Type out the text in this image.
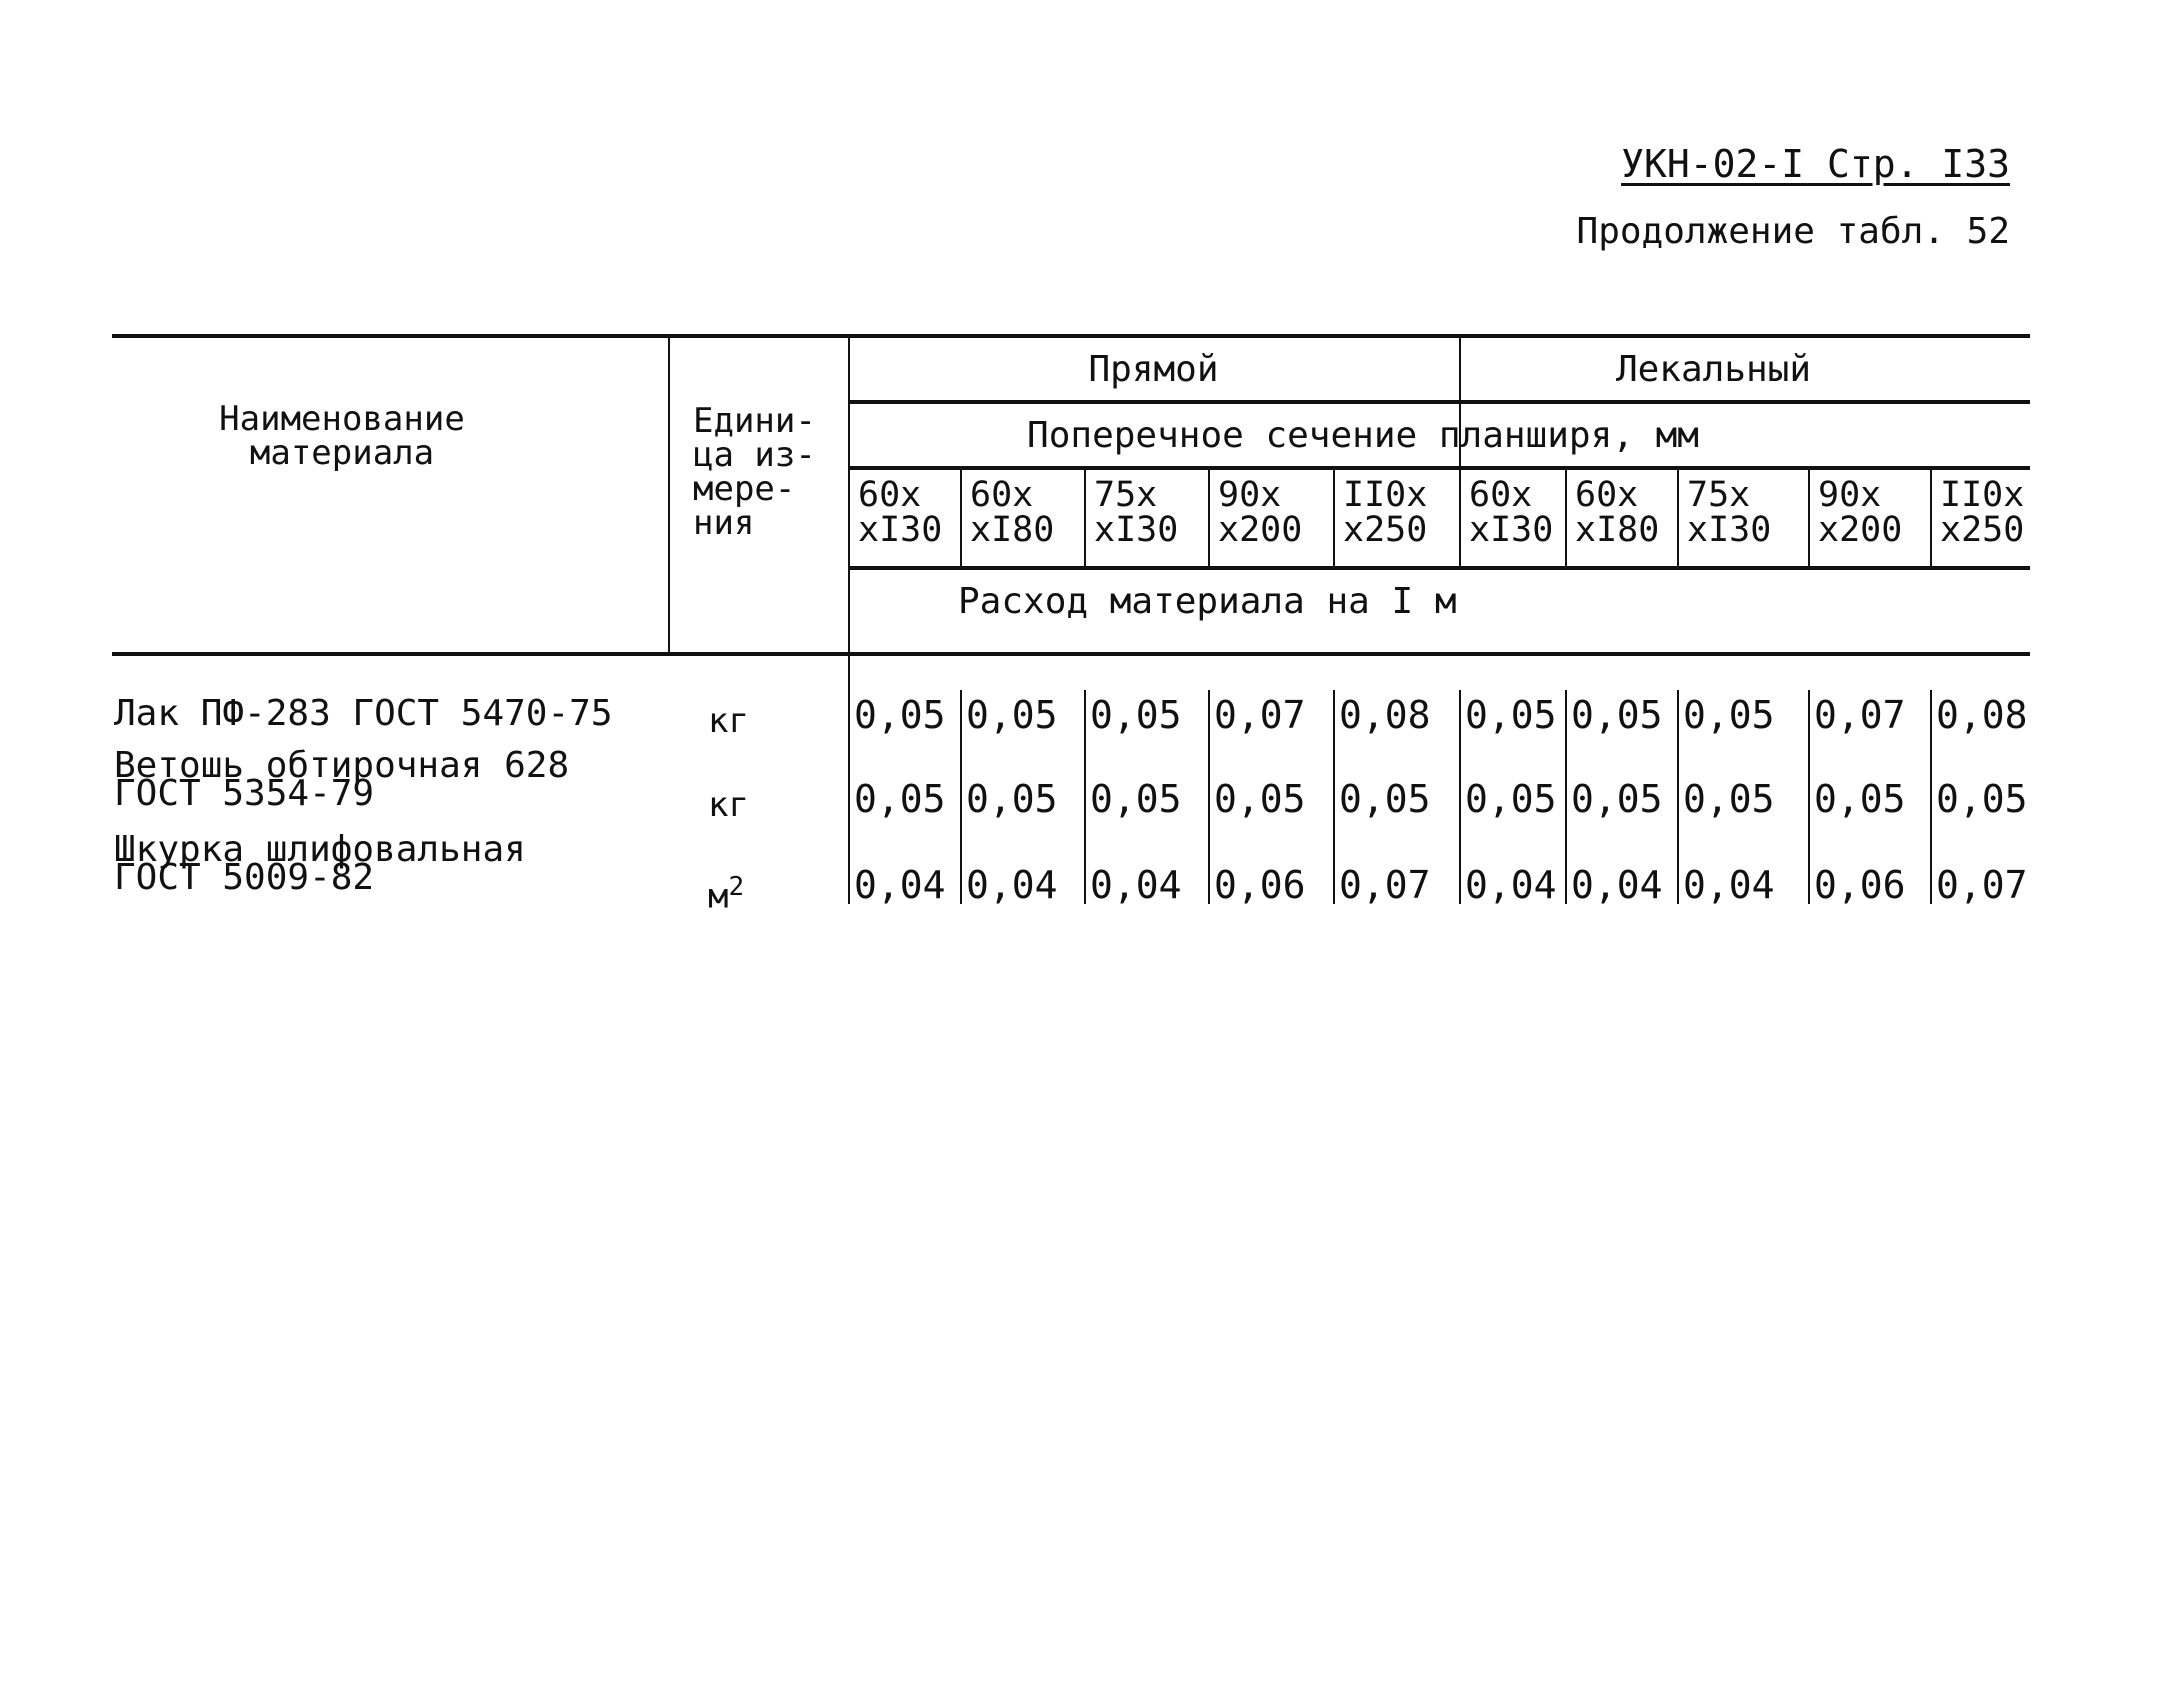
УКН-02-I Стр. I33
Продолжение табл. 52
Наименование
материала
Едини-
ца из-
мере-
ния
Прямой	Лекальный
Поперечное сечение планширя, мм
Расход материала на I м
60х
хI30
60х
хI80
75х
хI30
90х
х200
II0х
х250
60х
хI30
60х
хI80
75х
хI30
90х
х200
II0х
х250
Лак ПФ-283 ГОСТ 5470-75	кг	0,05 0,05 0,05 0,07 0,08 0,05 0,05 0,05 0,07 0,08
Ветошь обтирочная 628
ГОСТ 5354-79	кг	0,05 0,05 0,05 0,05 0,05 0,05 0,05 0,05 0,05 0,05
Шкурка шлифовальная
ГОСТ 5009-82	$м^2$	0,04 0,04 0,04 0,06 0,07 0,04 0,04 0,04 0,06 0,07
